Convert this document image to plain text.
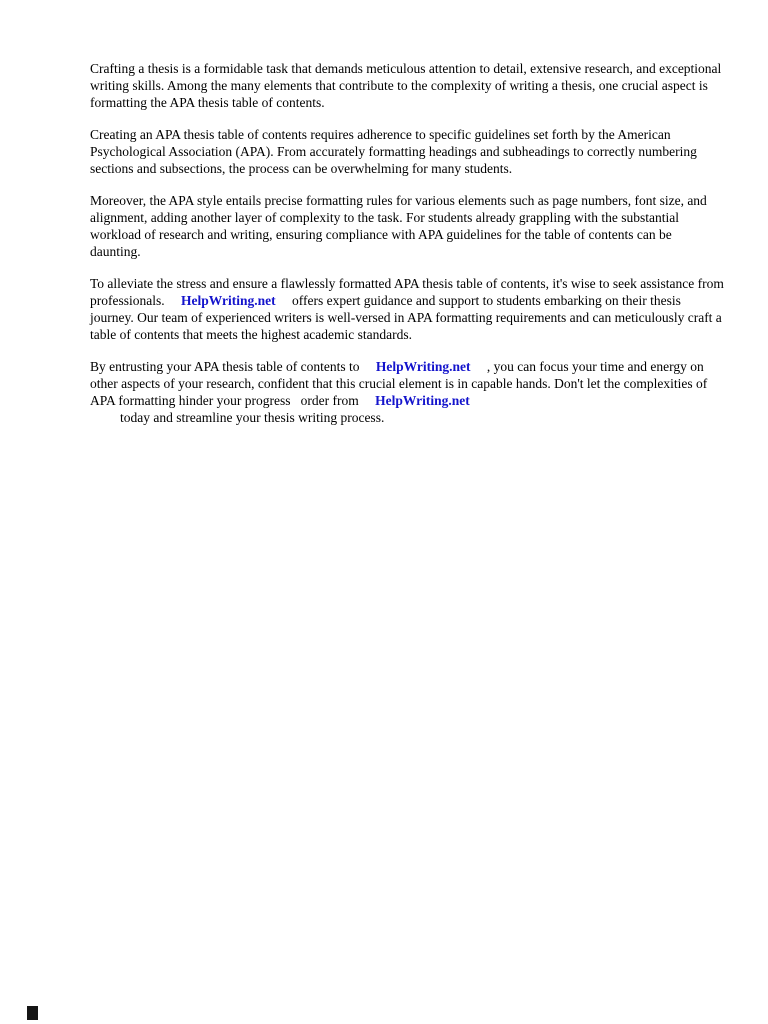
Crafting a thesis is a formidable task that demands meticulous attention to detail, extensive research, and exceptional writing skills. Among the many elements that contribute to the complexity of writing a thesis, one crucial aspect is formatting the APA thesis table of contents.

Creating an APA thesis table of contents requires adherence to specific guidelines set forth by the American Psychological Association (APA). From accurately formatting headings and subheadings to correctly numbering sections and subsections, the process can be overwhelming for many students.

Moreover, the APA style entails precise formatting rules for various elements such as page numbers, font size, and alignment, adding another layer of complexity to the task. For students already grappling with the substantial workload of research and writing, ensuring compliance with APA guidelines for the table of contents can be daunting.

To alleviate the stress and ensure a flawlessly formatted APA thesis table of contents, it's wise to seek assistance from professionals. HelpWriting.net offers expert guidance and support to students embarking on their thesis journey. Our team of experienced writers is well-versed in APA formatting requirements and can meticulously craft a table of contents that meets the highest academic standards.

By entrusting your APA thesis table of contents to HelpWriting.net , you can focus your time and energy on other aspects of your research, confident that this crucial element is in capable hands. Don't let the complexities of APA formatting hinder your progress   order from HelpWriting.net
today and streamline your thesis writing process.
